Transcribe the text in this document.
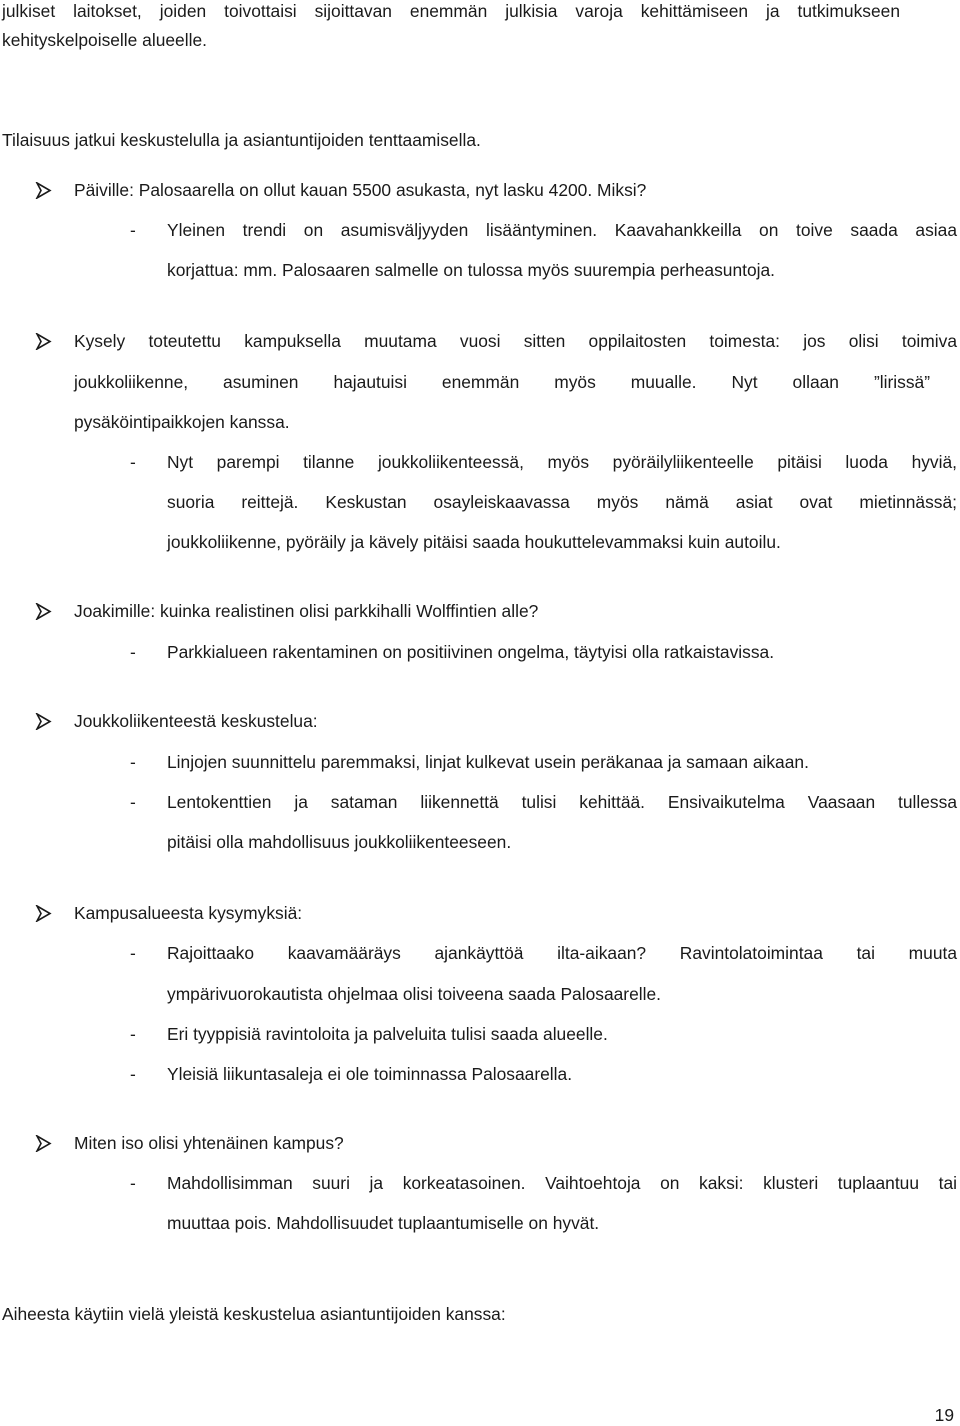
julkiset laitokset, joiden toivottaisi sijoittavan enemmän julkisia varoja kehittämiseen ja tutkimukseen
kehityskelpoiselle alueelle.
Tilaisuus jatkui keskustelulla ja asiantuntijoiden tenttaamisella.
Päiville: Palosaarella on ollut kauan 5500 asukasta, nyt lasku 4200. Miksi?
- Yleinen trendi on asumisväljyyden lisääntyminen. Kaavahankkeilla on toive saada asiaa
korjattua: mm. Palosaaren salmelle on tulossa myös suurempia perheasuntoja.
Kysely toteutettu kampuksella muutama vuosi sitten oppilaitosten toimesta: jos olisi toimiva
joukkoliikenne, asuminen hajautuisi enemmän myös muualle. Nyt ollaan ”lirissä”
pysäköintipaikkojen kanssa.
- Nyt parempi tilanne joukkoliikenteessä, myös pyöräilyliikenteelle pitäisi luoda hyviä,
suoria reittejä. Keskustan osayleiskaavassa myös nämä asiat ovat mietinnässä;
joukkoliikenne, pyöräily ja kävely pitäisi saada houkuttelevammaksi kuin autoilu.
Joakimille: kuinka realistinen olisi parkkihalli Wolffintien alle?
- Parkkialueen rakentaminen on positiivinen ongelma, täytyisi olla ratkaistavissa.
Joukkoliikenteestä keskustelua:
- Linjojen suunnittelu paremmaksi, linjat kulkevat usein peräkanaa ja samaan aikaan.
- Lentokenttien ja sataman liikennettä tulisi kehittää. Ensivaikutelma Vaasaan tullessa
pitäisi olla mahdollisuus joukkoliikenteeseen.
Kampusalueesta kysymyksiä:
- Rajoittaako kaavamääräys ajankäyttöä ilta-aikaan? Ravintolatoimintaa tai muuta
ympärivuorokautista ohjelmaa olisi toiveena saada Palosaarelle.
- Eri tyyppisiä ravintoloita ja palveluita tulisi saada alueelle.
- Yleisiä liikuntasaleja ei ole toiminnassa Palosaarella.
Miten iso olisi yhtenäinen kampus?
- Mahdollisimman suuri ja korkeatasoinen. Vaihtoehtoja on kaksi: klusteri tuplaantuu tai
muuttaa pois. Mahdollisuudet tuplaantumiselle on hyvät.
Aiheesta käytiin vielä yleistä keskustelua asiantuntijoiden kanssa:
19
